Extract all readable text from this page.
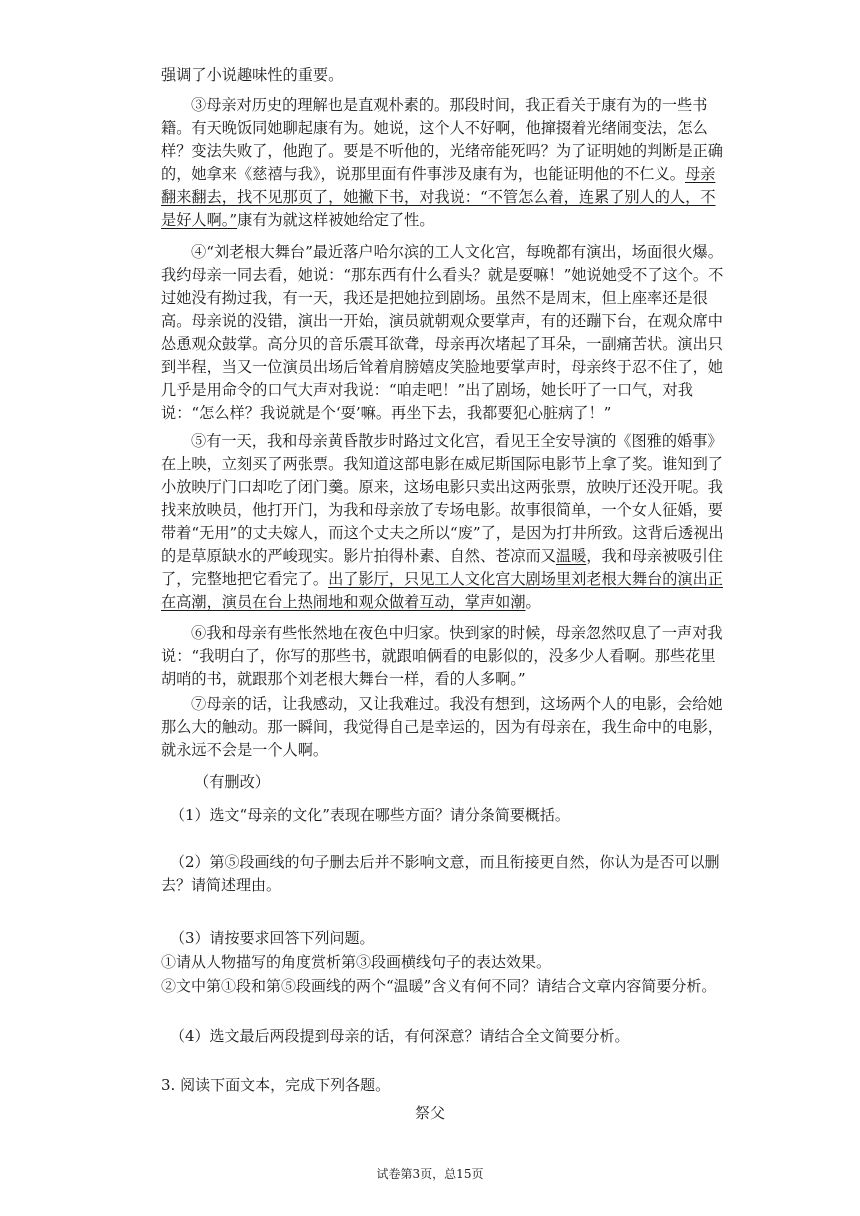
强调了小说趣味性的重要。

③母亲对历史的理解也是直观朴素的。那段时间，我正看关于康有为的一些书籍。有天晚饭同她聊起康有为。她说，这个人不好啊，他撺掇着光绪闹变法，怎么样？变法失败了，他跑了。要是不听他的，光绪帝能死吗？为了证明她的判断是正确的，她拿来《慈禧与我》，说那里面有件事涉及康有为，也能证明他的不仁义。母亲翻来翻去，找不见那页了，她撇下书，对我说：“不管怎么着，连累了别人的人，不是好人啊。”康有为就这样被她给定了性。

④“刘老根大舞台”最近落户哈尔滨的工人文化宫，每晚都有演出，场面很火爆。我约母亲一同去看，她说：“那东西有什么看头？就是耍嘛！”她说她受不了这个。不过她没有拗过我，有一天，我还是把她拉到剧场。虽然不是周末，但上座率还是很高。母亲说的没错，演出一开始，演员就朝观众要掌声，有的还蹦下台，在观众席中怂恿观众鼓掌。高分贝的音乐震耳欲聋，母亲再次堵起了耳朵，一副痛苦状。演出只到半程，当又一位演员出场后耸着肩膀嬉皮笑脸地要掌声时，母亲终于忍不住了，她几乎是用命令的口气大声对我说：“咱走吧！”出了剧场，她长吁了一口气，对我说：“怎么样？我说就是个‘耍’嘛。再坐下去，我都要犯心脏病了！”

⑤有一天，我和母亲黄昏散步时路过文化宫，看见王全安导演的《图雅的婚事》在上映，立刻买了两张票。我知道这部电影在威尼斯国际电影节上拿了奖。谁知到了小放映厅门口却吃了闭门羹。原来，这场电影只卖出这两张票，放映厅还没开呢。我找来放映员，他打开门，为我和母亲放了专场电影。故事很简单，一个女人征婚，要带着“无用”的丈夫嫁人，而这个丈夫之所以“废”了，是因为打井所致。这背后透视出的是草原缺水的严峻现实。影片拍得朴素、自然、苍凉而又温暖，我和母亲被吸引住了，完整地把它看完了。出了影厅，只见工人文化宫大剧场里刘老根大舞台的演出正在高潮，演员在台上热闹地和观众做着互动，掌声如潮。

⑥我和母亲有些怅然地在夜色中归家。快到家的时候，母亲忽然叹息了一声对我说：“我明白了，你写的那些书，就跟咱俩看的电影似的，没多少人看啊。那些花里胡哨的书，就跟那个刘老根大舞台一样，看的人多啊。”

⑦母亲的话，让我感动，又让我难过。我没有想到，这场两个人的电影，会给她那么大的触动。那一瞬间，我觉得自己是幸运的，因为有母亲在，我生命中的电影，就永远不会是一个人啊。

（有删改）

（1）选文“母亲的文化”表现在哪些方面？请分条简要概括。

（2）第⑤段画线的句子删去后并不影响文意，而且衔接更自然，你认为是否可以删

去？请简述理由。

（3）请按要求回答下列问题。

①请从人物描写的角度赏析第③段画横线句子的表达效果。

②文中第①段和第⑤段画线的两个“温暖”含义有何不同？请结合文章内容简要分析。

（4）选文最后两段提到母亲的话，有何深意？请结合全文简要分析。

3. 阅读下面文本，完成下列各题。

祭父

试卷第3页，总15页
